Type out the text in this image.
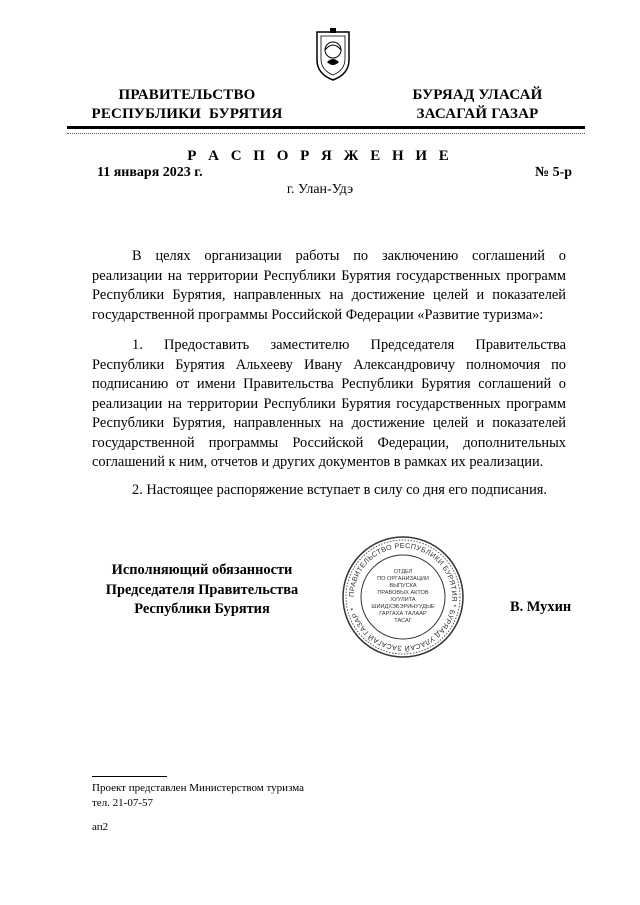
ПРАВИТЕЛЬСТВО
РЕСПУБЛИКИ  БУРЯТИЯ
БУРЯАД УЛАСАЙ
ЗАСАГАЙ ГАЗАР
Р А С П О Р Я Ж Е Н И Е
11 января 2023 г.	№ 5-р
г. Улан-Удэ

В целях организации работы по заключению соглашений о реализации на территории Республики Бурятия государственных программ Республики Бурятия, направленных на достижение целей и показателей государственной программы Российской Федерации «Развитие туризма»:

1. Предоставить заместителю Председателя Правительства Республики Бурятия Альхееву Ивану Александровичу полномочия по подписанию от имени Правительства Республики Бурятия соглашений о реализации на территории Республики Бурятия государственных программ Республики Бурятия, направленных на достижение целей и показателей государственной программы Российской Федерации, дополнительных соглашений к ним, отчетов и других документов в рамках их реализации.

2. Настоящее распоряжение вступает в силу со дня его подписания.

Исполняющий обязанности
Председателя Правительства
Республики Бурятия	В. Мухин
ПРАВИТЕЛЬСТВО РЕСПУБЛИКИ БУРЯТИЯ * БУРЯАД УЛАСАЙ ЗАСАГАЙ ГАЗАР *
ОТДЕЛ
ПО ОРГАНИЗАЦИИ
ВЫПУСКА
ПРАВОВЫХ АКТОВ
ХУУЛИТА
ШИИДХЭБЭРИНУУДЫЕ
ГАРГАХА ТАЛААР
ТАСАГ
Проект представлен Министерством туризма
тел. 21-07-57
ап2
